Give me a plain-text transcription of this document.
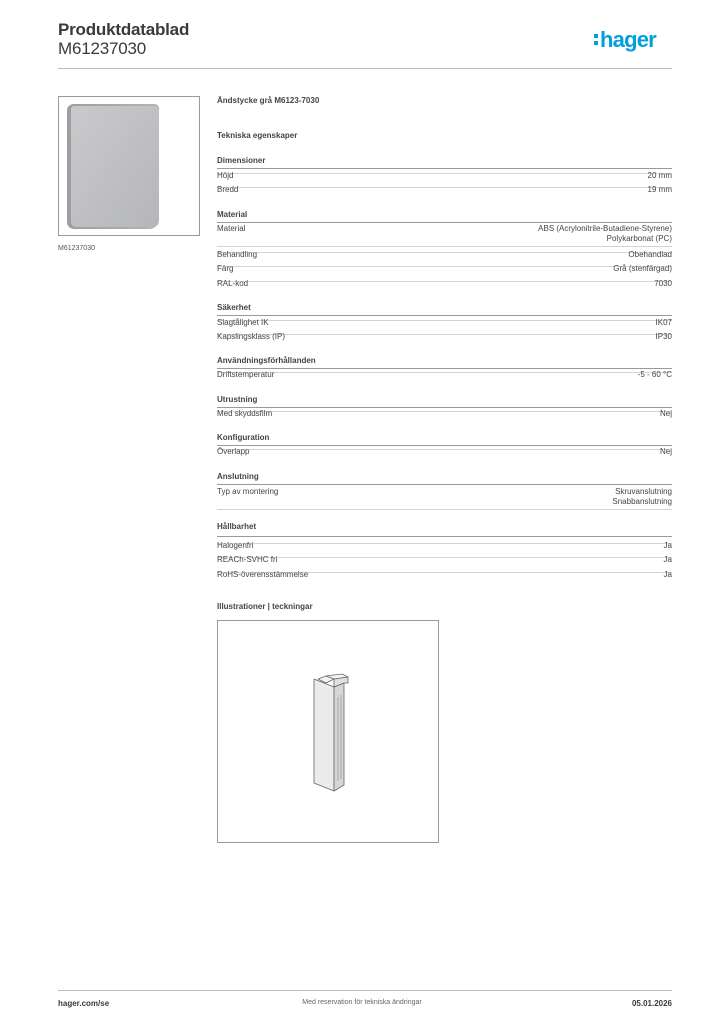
Produktdatablad
M61237030	hager
M61237030
Ändstycke grå M6123-7030
Tekniska egenskaper
Dimensioner
Höjd	20 mm
Bredd	19 mm
Material
Material	ABS (Acrylonitrile-Butadiene-Styrene)
Polykarbonat (PC)
Behandling	Obehandlad
Färg	Grå (stenfärgad)
RAL-kod	7030
Säkerhet
Slagtålighet IK	IK07
Kapslingsklass (IP)	IP30
Användningsförhållanden
Driftstemperatur	-5 - 60 °C
Utrustning
Med skyddsfilm	Nej
Konfiguration
Överlapp	Nej
Anslutning
Typ av montering	Skruvanslutning
Snabbanslutning
Hållbarhet
Halogenfri	Ja
REACh-SVHC fri	Ja
RoHS-överensstämmelse	Ja
Illustrationer | teckningar
hager.com/se	Med reservation för tekniska ändringar	05.01.2026
